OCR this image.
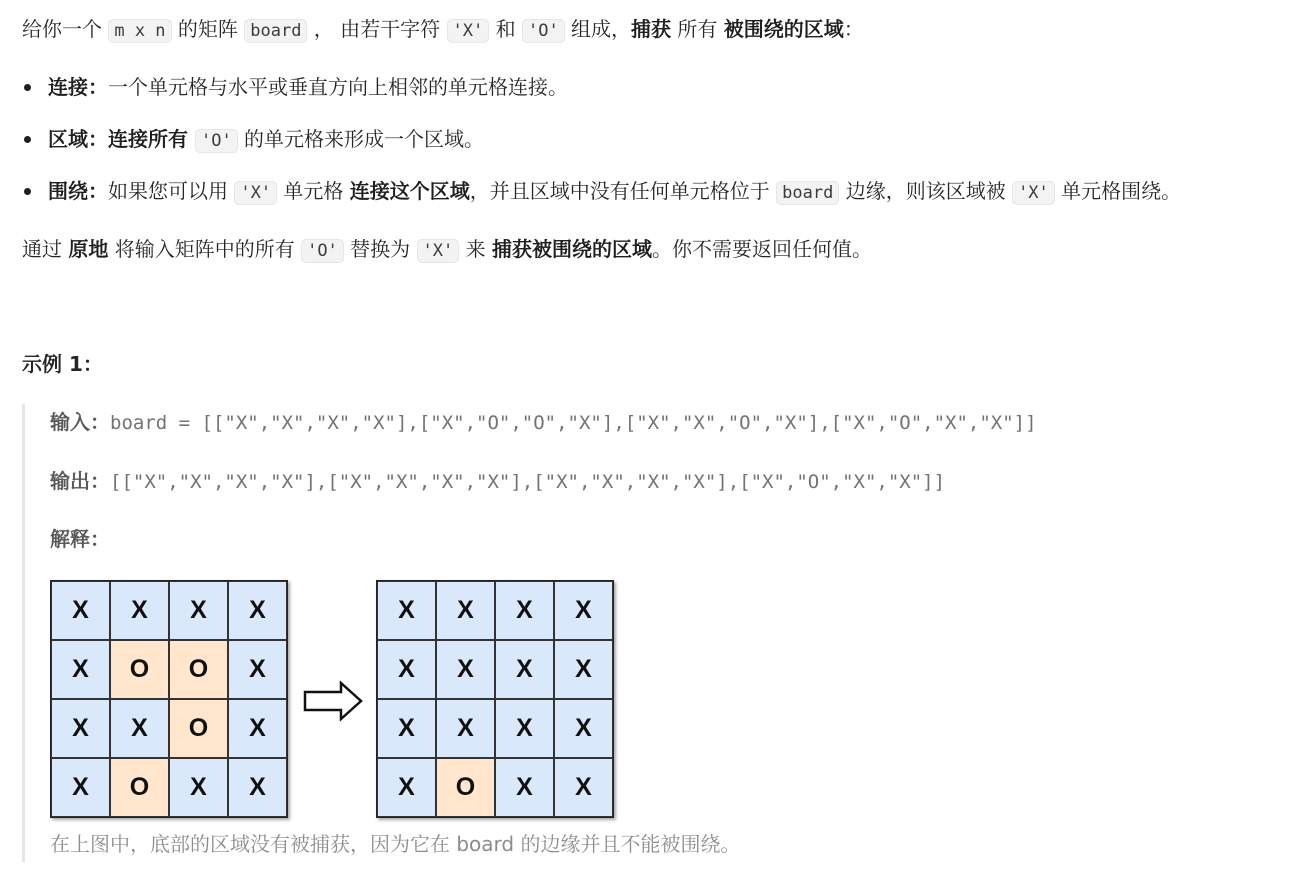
给你一个 m x n 的矩阵 board ， 由若干字符 'X' 和 'O' 组成，捕获 所有 被围绕的区域：

连接：一个单元格与水平或垂直方向上相邻的单元格连接。
区域：连接所有 'O' 的单元格来形成一个区域。
围绕：如果您可以用 'X' 单元格 连接这个区域，并且区域中没有任何单元格位于 board 边缘，则该区域被 'X' 单元格围绕。

通过 原地 将输入矩阵中的所有 'O' 替换为 'X' 来 捕获被围绕的区域。你不需要返回任何值。

示例 1：

输入：board = [["X","X","X","X"],["X","O","O","X"],["X","X","O","X"],["X","O","X","X"]]
输出：[["X","X","X","X"],["X","X","X","X"],["X","X","X","X"],["X","O","X","X"]]
解释：
X	X	X	X
X	O	O	X
X	X	O	X
X	O	X	X
X	X	X	X
X	X	X	X
X	X	X	X
X	O	X	X
在上图中，底部的区域没有被捕获，因为它在 board 的边缘并且不能被围绕。
